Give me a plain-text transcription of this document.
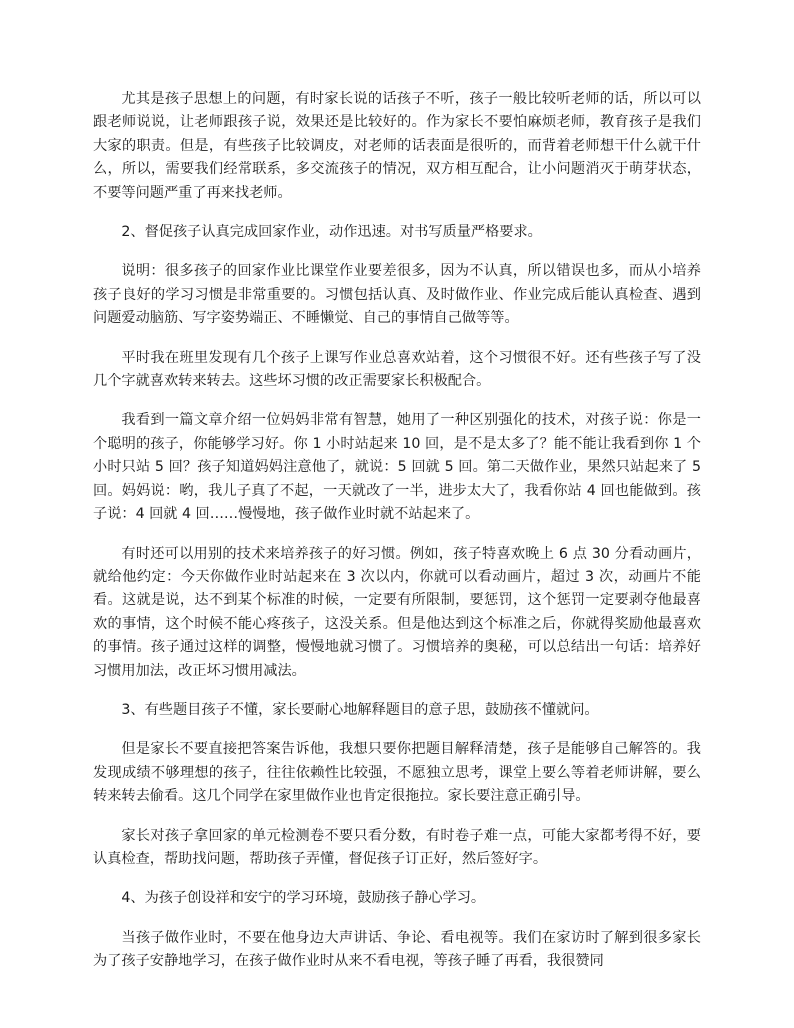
尤其是孩子思想上的问题，有时家长说的话孩子不听，孩子一般比较听老师的话，所以可以跟老师说说，让老师跟孩子说，效果还是比较好的。作为家长不要怕麻烦老师，教育孩子是我们大家的职责。但是，有些孩子比较调皮，对老师的话表面是很听的，而背着老师想干什么就干什么，所以，需要我们经常联系，多交流孩子的情况，双方相互配合，让小问题消灭于萌芽状态，不要等问题严重了再来找老师。

2、督促孩子认真完成回家作业，动作迅速。对书写质量严格要求。

说明：很多孩子的回家作业比课堂作业要差很多，因为不认真，所以错误也多，而从小培养孩子良好的学习习惯是非常重要的。习惯包括认真、及时做作业、作业完成后能认真检查、遇到问题爱动脑筋、写字姿势端正、不睡懒觉、自己的事情自己做等等。

平时我在班里发现有几个孩子上课写作业总喜欢站着，这个习惯很不好。还有些孩子写了没几个字就喜欢转来转去。这些坏习惯的改正需要家长积极配合。

我看到一篇文章介绍一位妈妈非常有智慧，她用了一种区别强化的技术，对孩子说：你是一个聪明的孩子，你能够学习好。你 1 小时站起来 10 回，是不是太多了？能不能让我看到你 1 个小时只站 5 回？孩子知道妈妈注意他了，就说：5 回就 5 回。第二天做作业，果然只站起来了 5 回。妈妈说：哟，我儿子真了不起，一天就改了一半，进步太大了，我看你站 4 回也能做到。孩子说：4 回就 4 回……慢慢地，孩子做作业时就不站起来了。

有时还可以用别的技术来培养孩子的好习惯。例如，孩子特喜欢晚上 6 点 30 分看动画片，就给他约定：今天你做作业时站起来在 3 次以内，你就可以看动画片，超过 3 次，动画片不能看。这就是说，达不到某个标准的时候，一定要有所限制，要惩罚，这个惩罚一定要剥夺他最喜欢的事情，这个时候不能心疼孩子，这没关系。但是他达到这个标准之后，你就得奖励他最喜欢的事情。孩子通过这样的调整，慢慢地就习惯了。习惯培养的奥秘，可以总结出一句话：培养好习惯用加法，改正坏习惯用减法。

3、有些题目孩子不懂，家长要耐心地解释题目的意子思，鼓励孩不懂就问。

但是家长不要直接把答案告诉他，我想只要你把题目解释清楚，孩子是能够自己解答的。我发现成绩不够理想的孩子，往往依赖性比较强，不愿独立思考，课堂上要么等着老师讲解，要么转来转去偷看。这几个同学在家里做作业也肯定很拖拉。家长要注意正确引导。

家长对孩子拿回家的单元检测卷不要只看分数，有时卷子难一点，可能大家都考得不好，要认真检查，帮助找问题，帮助孩子弄懂，督促孩子订正好，然后签好字。

4、为孩子创设祥和安宁的学习环境，鼓励孩子静心学习。

当孩子做作业时，不要在他身边大声讲话、争论、看电视等。我们在家访时了解到很多家长为了孩子安静地学习，在孩子做作业时从来不看电视，等孩子睡了再看，我很赞同
